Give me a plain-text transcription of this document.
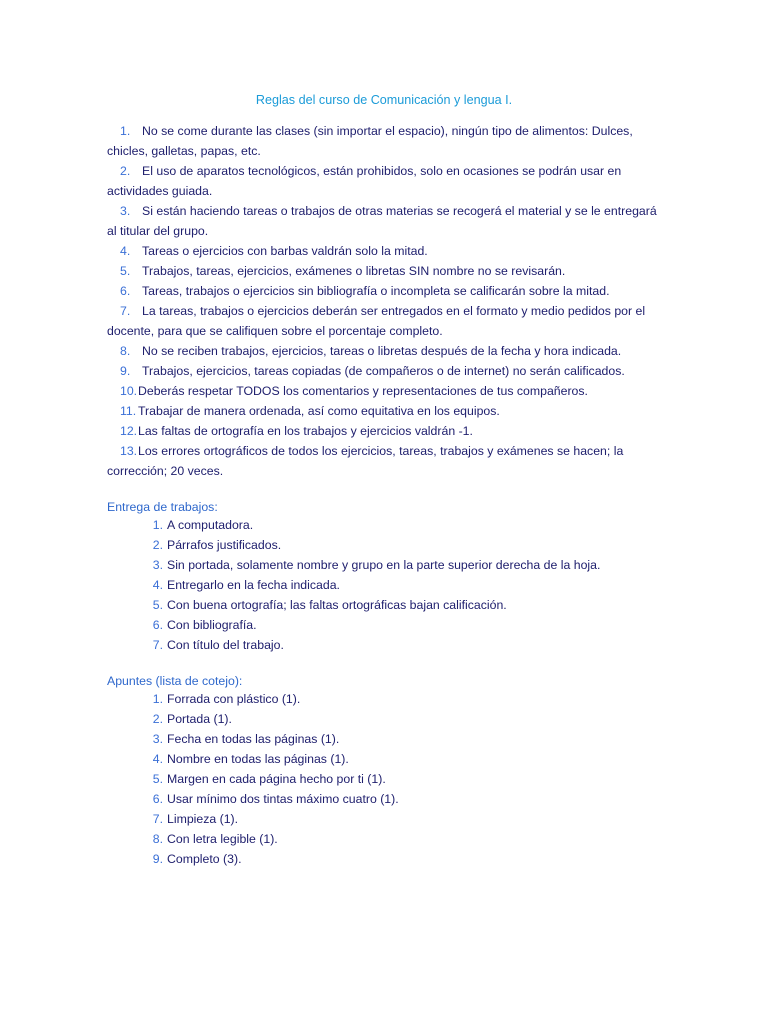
Reglas del curso de Comunicación y lengua I.
1. No se come durante las clases (sin importar el espacio), ningún tipo de alimentos: Dulces, chicles, galletas, papas, etc.
2. El uso de aparatos tecnológicos, están prohibidos, solo en ocasiones se podrán usar en actividades guiada.
3. Si están haciendo tareas o trabajos de otras materias se recogerá el material y se le entregará al titular del grupo.
4. Tareas o ejercicios con barbas valdrán solo la mitad.
5. Trabajos, tareas, ejercicios, exámenes o libretas SIN nombre no se revisarán.
6. Tareas, trabajos o ejercicios sin bibliografía o incompleta se calificarán sobre la mitad.
7. La tareas, trabajos o ejercicios deberán ser entregados en el formato y medio pedidos por el docente, para que se califiquen sobre el porcentaje completo.
8. No se reciben trabajos, ejercicios, tareas o libretas después de la fecha y hora indicada.
9. Trabajos, ejercicios, tareas copiadas (de compañeros o de internet) no serán calificados.
10.Deberás respetar TODOS los comentarios y representaciones de tus compañeros.
11. Trabajar de manera ordenada, así como equitativa en los equipos.
12.Las faltas de ortografía en los trabajos y ejercicios valdrán -1.
13.Los errores ortográficos de todos los ejercicios, tareas, trabajos y exámenes se hacen; la corrección; 20 veces.
Entrega de trabajos:
1. A computadora.
2. Párrafos justificados.
3. Sin portada, solamente nombre y grupo en la parte superior derecha de la hoja.
4. Entregarlo en la fecha indicada.
5. Con buena ortografía; las faltas ortográficas bajan calificación.
6. Con bibliografía.
7. Con título del trabajo.
Apuntes (lista de cotejo):
1. Forrada con plástico (1).
2. Portada (1).
3. Fecha en todas las páginas (1).
4. Nombre en todas las páginas (1).
5. Margen en cada página hecho por ti (1).
6. Usar mínimo dos tintas máximo cuatro (1).
7. Limpieza (1).
8. Con letra legible (1).
9. Completo (3).
